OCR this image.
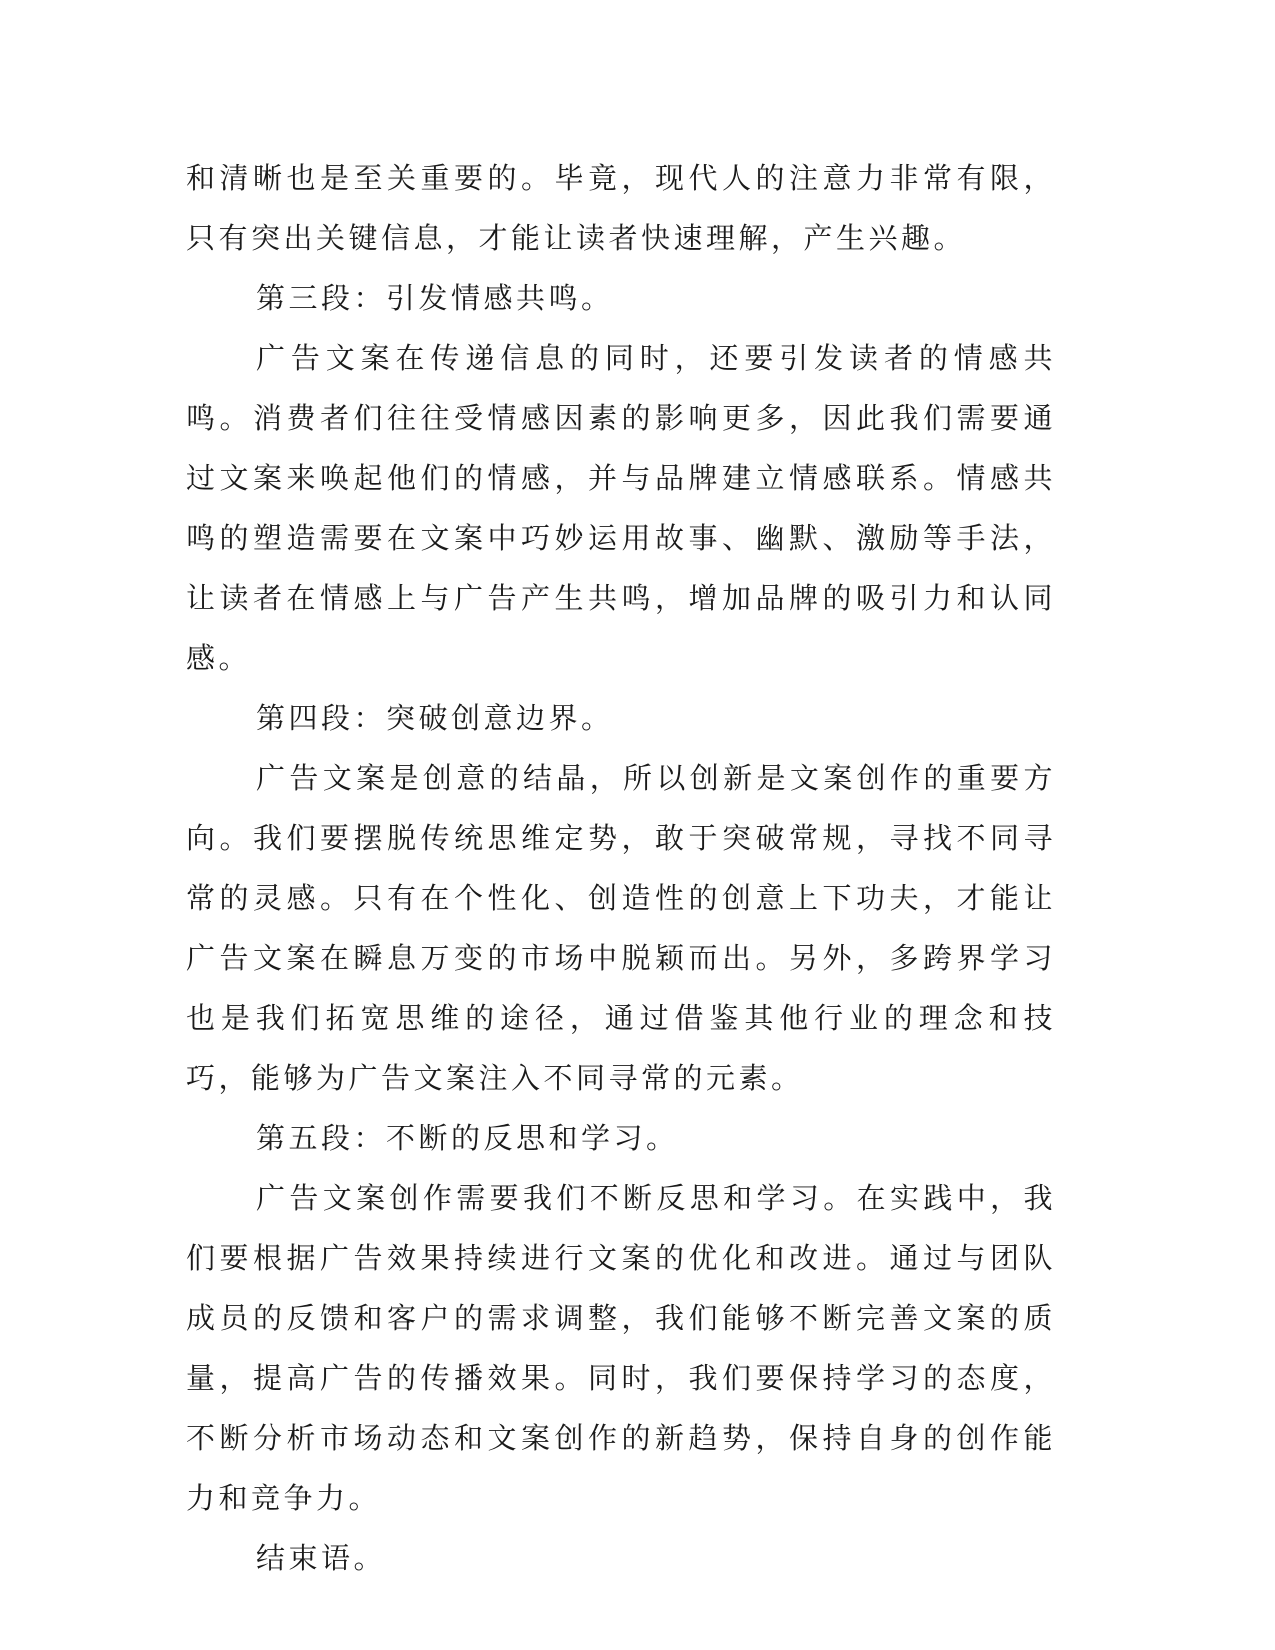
和清晰也是至关重要的。毕竟，现代人的注意力非常有限，只有突出关键信息，才能让读者快速理解，产生兴趣。

第三段：引发情感共鸣。

广告文案在传递信息的同时，还要引发读者的情感共鸣。消费者们往往受情感因素的影响更多，因此我们需要通过文案来唤起他们的情感，并与品牌建立情感联系。情感共鸣的塑造需要在文案中巧妙运用故事、幽默、激励等手法，让读者在情感上与广告产生共鸣，增加品牌的吸引力和认同感。

第四段：突破创意边界。

广告文案是创意的结晶，所以创新是文案创作的重要方向。我们要摆脱传统思维定势，敢于突破常规，寻找不同寻常的灵感。只有在个性化、创造性的创意上下功夫，才能让广告文案在瞬息万变的市场中脱颖而出。另外，多跨界学习也是我们拓宽思维的途径，通过借鉴其他行业的理念和技巧，能够为广告文案注入不同寻常的元素。

第五段：不断的反思和学习。

广告文案创作需要我们不断反思和学习。在实践中，我们要根据广告效果持续进行文案的优化和改进。通过与团队成员的反馈和客户的需求调整，我们能够不断完善文案的质量，提高广告的传播效果。同时，我们要保持学习的态度，不断分析市场动态和文案创作的新趋势，保持自身的创作能力和竞争力。

结束语。
